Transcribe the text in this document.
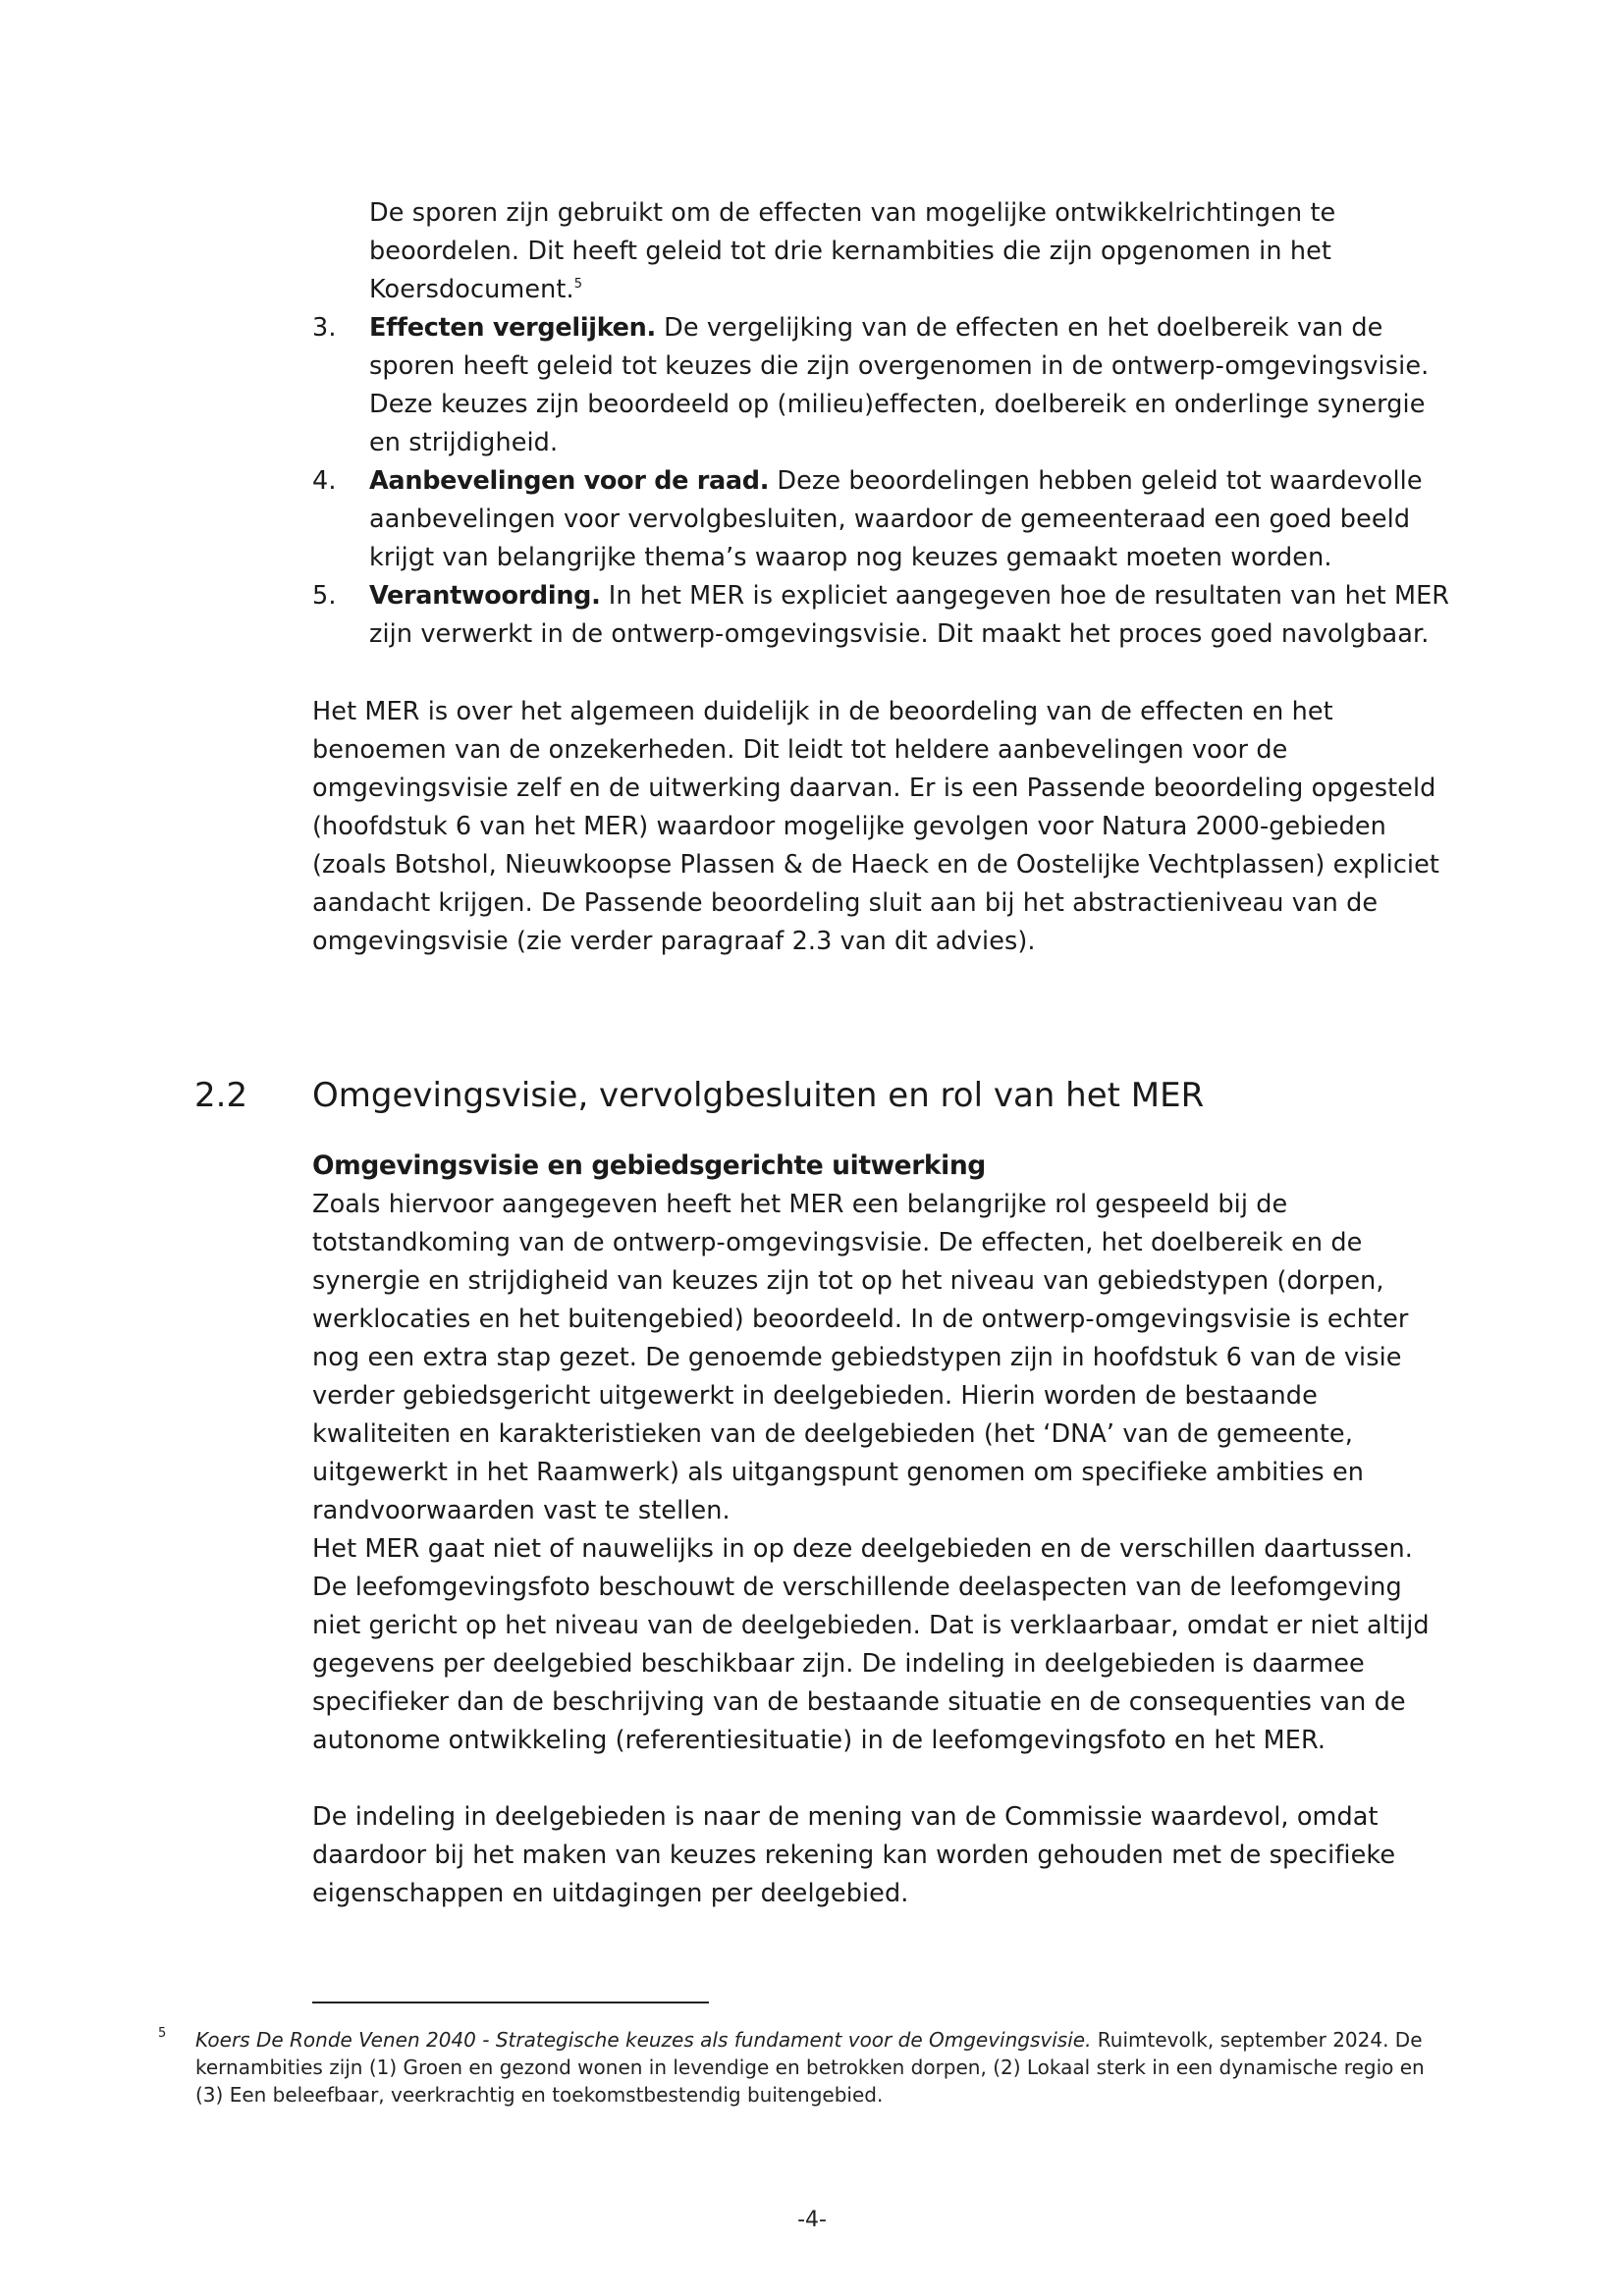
De sporen zijn gebruikt om de effecten van mogelijke ontwikkelrichtingen te beoordelen. Dit heeft geleid tot drie kernambities die zijn opgenomen in het Koersdocument.$^5$

3.	Effecten vergelijken. De vergelijking van de effecten en het doelbereik van de sporen heeft geleid tot keuzes die zijn overgenomen in de ontwerp-omgevingsvisie. Deze keuzes zijn beoordeeld op (milieu)effecten, doelbereik en onderlinge synergie en strijdigheid.
4.	Aanbevelingen voor de raad. Deze beoordelingen hebben geleid tot waardevolle aanbevelingen voor vervolgbesluiten, waardoor de gemeenteraad een goed beeld krijgt van belangrijke thema’s waarop nog keuzes gemaakt moeten worden.
5.	Verantwoording. In het MER is expliciet aangegeven hoe de resultaten van het MER zijn verwerkt in de ontwerp-omgevingsvisie. Dit maakt het proces goed navolgbaar.

Het MER is over het algemeen duidelijk in de beoordeling van de effecten en het benoemen van de onzekerheden. Dit leidt tot heldere aanbevelingen voor de omgevingsvisie zelf en de uitwerking daarvan. Er is een Passende beoordeling opgesteld (hoofdstuk 6 van het MER) waardoor mogelijke gevolgen voor Natura 2000-gebieden (zoals Botshol, Nieuwkoopse Plassen & de Haeck en de Oostelijke Vechtplassen) expliciet aandacht krijgen. De Passende beoordeling sluit aan bij het abstractieniveau van de omgevingsvisie (zie verder paragraaf 2.3 van dit advies).

2.2	Omgevingsvisie, vervolgbesluiten en rol van het MER
Omgevingsvisie en gebiedsgerichte uitwerking

Zoals hiervoor aangegeven heeft het MER een belangrijke rol gespeeld bij de totstandkoming van de ontwerp-omgevingsvisie. De effecten, het doelbereik en de synergie en strijdigheid van keuzes zijn tot op het niveau van gebiedstypen (dorpen, werklocaties en het buitengebied) beoordeeld. In de ontwerp-omgevingsvisie is echter nog een extra stap gezet. De genoemde gebiedstypen zijn in hoofdstuk 6 van de visie verder gebiedsgericht uitgewerkt in deelgebieden. Hierin worden de bestaande kwaliteiten en karakteristieken van de deelgebieden (het ‘DNA’ van de gemeente, uitgewerkt in het Raamwerk) als uitgangspunt genomen om specifieke ambities en randvoorwaarden vast te stellen.

Het MER gaat niet of nauwelijks in op deze deelgebieden en de verschillen daartussen. De leefomgevingsfoto beschouwt de verschillende deelaspecten van de leefomgeving niet gericht op het niveau van de deelgebieden. Dat is verklaarbaar, omdat er niet altijd gegevens per deelgebied beschikbaar zijn. De indeling in deelgebieden is daarmee specifieker dan de beschrijving van de bestaande situatie en de consequenties van de autonome ontwikkeling (referentiesituatie) in de leefomgevingsfoto en het MER.

De indeling in deelgebieden is naar de mening van de Commissie waardevol, omdat daardoor bij het maken van keuzes rekening kan worden gehouden met de specifieke eigenschappen en uitdagingen per deelgebied.

5 Koers De Ronde Venen 2040 - Strategische keuzes als fundament voor de Omgevingsvisie. Ruimtevolk, september 2024. De kernambities zijn (1) Groen en gezond wonen in levendige en betrokken dorpen, (2) Lokaal sterk in een dynamische regio en (3) Een beleefbaar, veerkrachtig en toekomstbestendig buitengebied.
-4-
